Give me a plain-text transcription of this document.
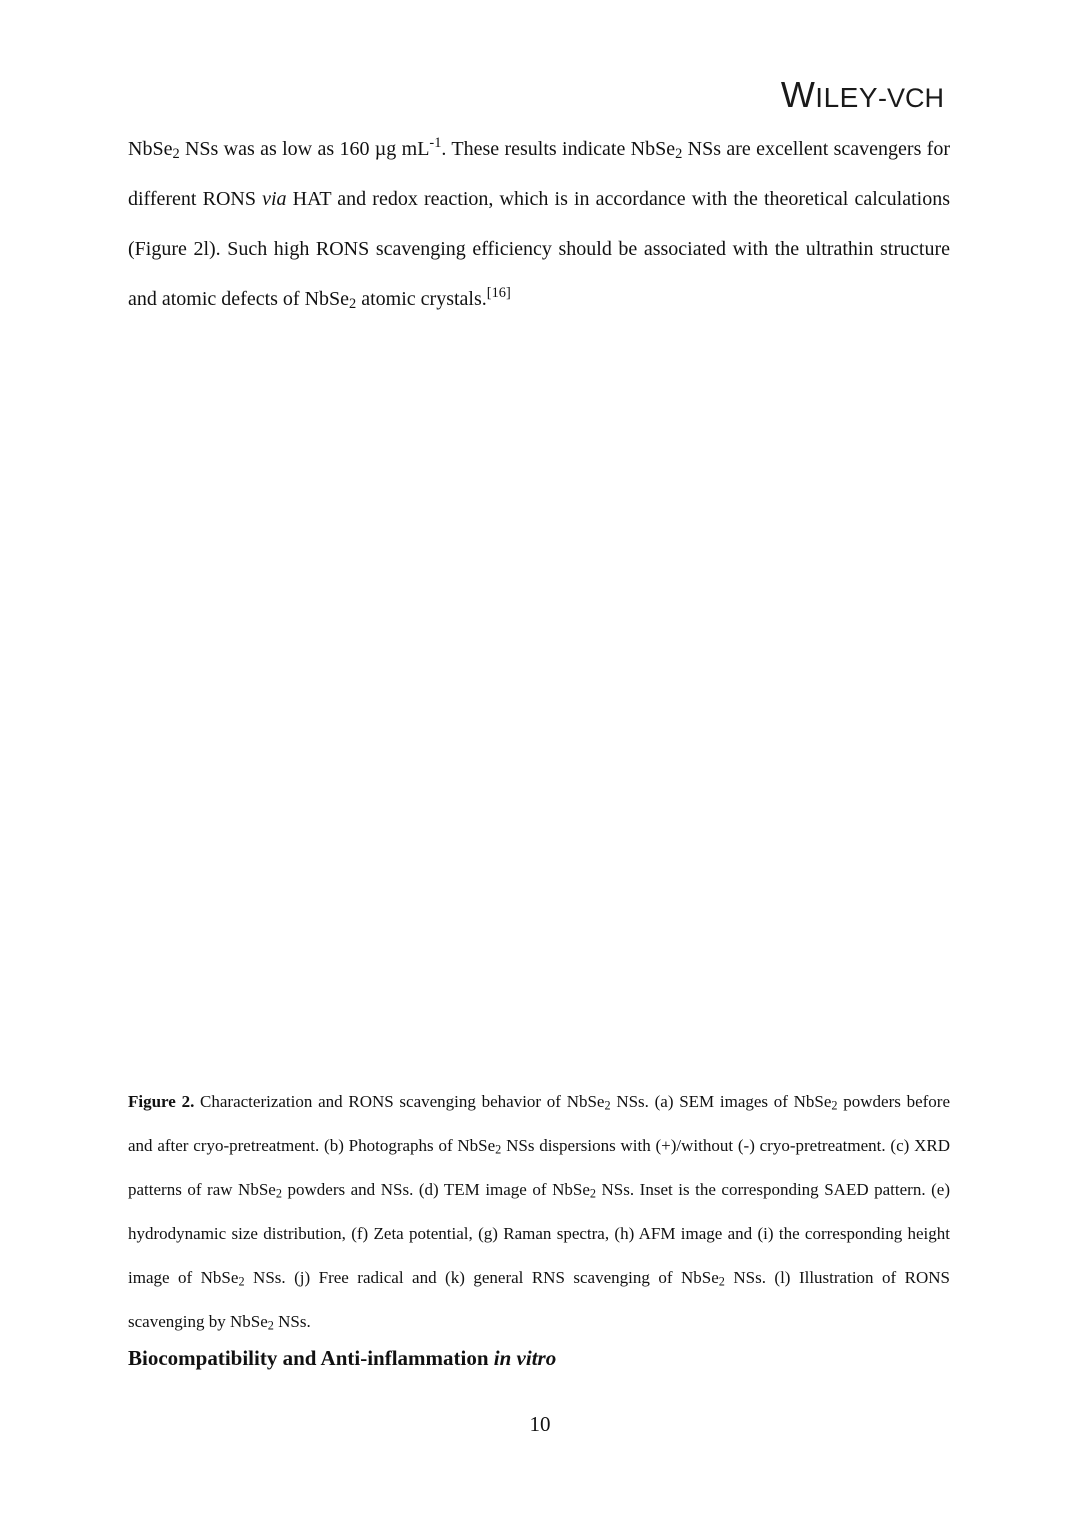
WILEY-VCH

NbSe2 NSs was as low as 160 µg $mL^{-1}$. These results indicate NbSe2 NSs are excellent scavengers for different RONS via HAT and redox reaction, which is in accordance with the theoretical calculations (Figure 2l). Such high RONS scavenging efficiency should be associated with the ultrathin structure and atomic defects of NbSe2 atomic crystals.[16]

Figure 2. Characterization and RONS scavenging behavior of NbSe2 NSs. (a) SEM images of NbSe2 powders before and after cryo-pretreatment. (b) Photographs of NbSe2 NSs dispersions with (+)/without (-) cryo-pretreatment. (c) XRD patterns of raw NbSe2 powders and NSs. (d) TEM image of NbSe2 NSs. Inset is the corresponding SAED pattern. (e) hydrodynamic size distribution, (f) Zeta potential, (g) Raman spectra, (h) AFM image and (i) the corresponding height image of NbSe2 NSs. (j) Free radical and (k) general RNS scavenging of NbSe2 NSs. (l) Illustration of RONS scavenging by NbSe2 NSs.

Biocompatibility and Anti-inflammation in vitro
10
